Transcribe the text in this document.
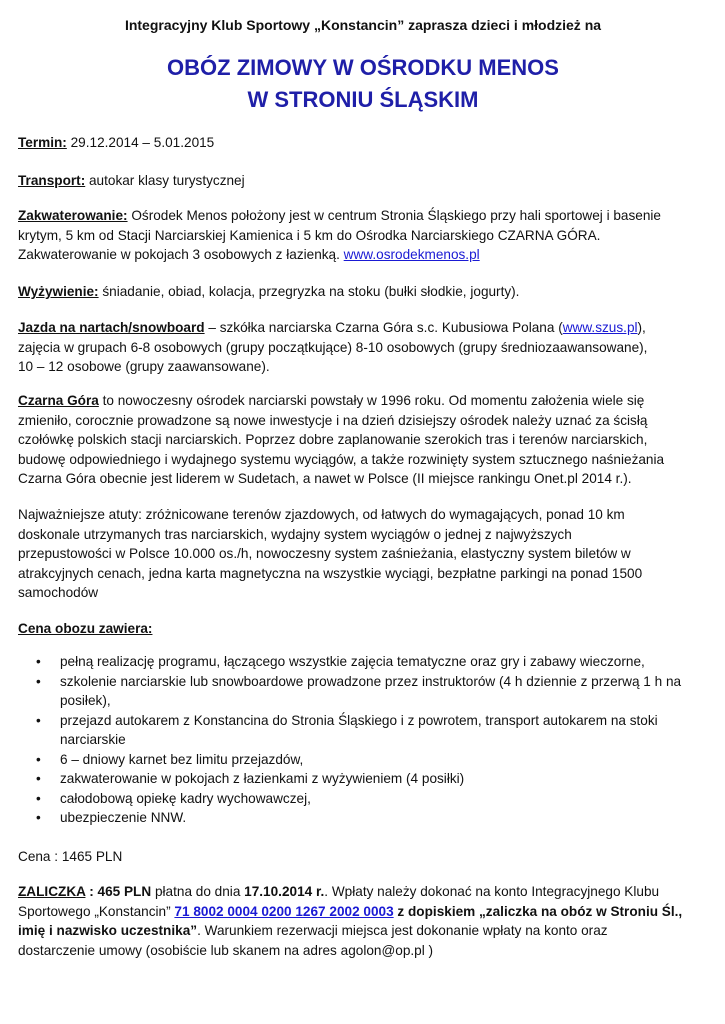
Integracyjny Klub Sportowy „Konstancin” zaprasza dzieci i młodzież na
OBÓZ ZIMOWY W OŚRODKU MENOS
W STRONIU ŚLĄSKIM
Termin: 29.12.2014 – 5.01.2015
Transport: autokar klasy turystycznej
Zakwaterowanie: Ośrodek Menos położony jest w centrum Stronia Śląskiego przy hali sportowej i basenie
krytym, 5 km od Stacji Narciarskiej Kamienica i 5 km do Ośrodka Narciarskiego CZARNA GÓRA.
Zakwaterowanie w pokojach 3 osobowych z łazienką. www.osrodekmenos.pl
Wyżywienie: śniadanie, obiad, kolacja, przegryzka na stoku (bułki słodkie, jogurty).
Jazda na nartach/snowboard – szkółka narciarska Czarna Góra s.c. Kubusiowa Polana (www.szus.pl),
zajęcia w grupach 6-8 osobowych (grupy początkujące) 8-10 osobowych (grupy średniozaawansowane),
10 – 12 osobowe (grupy zaawansowane).
Czarna Góra to nowoczesny ośrodek narciarski powstały w 1996 roku. Od momentu założenia wiele się
zmieniło, corocznie prowadzone są nowe inwestycje i na dzień dzisiejszy ośrodek należy uznać za ścisłą
czołówkę polskich stacji narciarskich. Poprzez dobre zaplanowanie szerokich tras i terenów narciarskich,
budowę odpowiedniego i wydajnego systemu wyciągów, a także rozwinięty system sztucznego naśnieżania
Czarna Góra obecnie jest liderem w Sudetach, a nawet w Polsce (II miejsce rankingu Onet.pl 2014 r.).
Najważniejsze atuty: zróżnicowane terenów zjazdowych, od łatwych do wymagających, ponad 10 km
doskonale utrzymanych tras narciarskich, wydajny system wyciągów o jednej z najwyższych
przepustowości w Polsce 10.000 os./h, nowoczesny system zaśnieżania, elastyczny system biletów w
atrakcyjnych cenach, jedna karta magnetyczna na wszystkie wyciągi, bezpłatne parkingi na ponad 1500
samochodów
Cena obozu zawiera:
• pełną realizację programu, łączącego wszystkie zajęcia tematyczne oraz gry i zabawy wieczorne,
• szkolenie narciarskie lub snowboardowe prowadzone przez instruktorów (4 h dziennie z przerwą 1 h na posiłek),
• przejazd autokarem z Konstancina do Stronia Śląskiego i z powrotem, transport autokarem na stoki narciarskie
• 6 – dniowy karnet bez limitu przejazdów,
• zakwaterowanie w pokojach z łazienkami z wyżywieniem (4 posiłki)
• całodobową opiekę kadry wychowawczej,
• ubezpieczenie NNW.
Cena : 1465 PLN
ZALICZKA : 465 PLN płatna do dnia 17.10.2014 r.. Wpłaty należy dokonać na konto Integracyjnego Klubu
Sportowego „Konstancin” 71 8002 0004 0200 1267 2002 0003 z dopiskiem „zaliczka na obóz w Stroniu Śl.,
imię i nazwisko uczestnika”. Warunkiem rezerwacji miejsca jest dokonanie wpłaty na konto oraz
dostarczenie umowy (osobiście lub skanem na adres agolon@op.pl )
